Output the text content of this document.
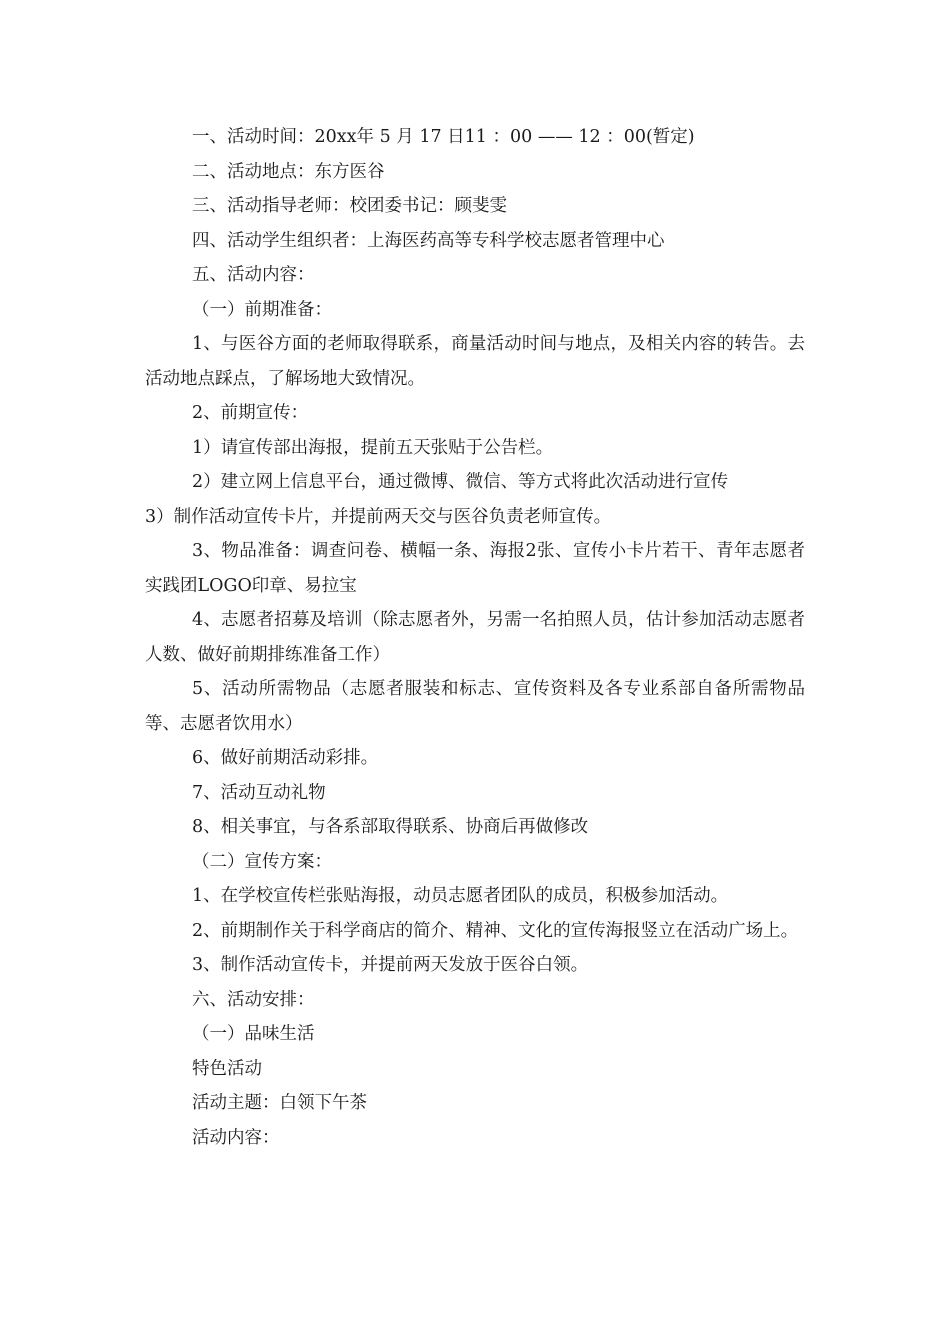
一、活动时间：20xx年 5 月 17 日11 ：00 —— 12 ：00(暂定)

二、活动地点：东方医谷

三、活动指导老师：校团委书记：顾斐雯

四、活动学生组织者：上海医药高等专科学校志愿者管理中心

五、活动内容：

（一）前期准备：

1、与医谷方面的老师取得联系，商量活动时间与地点，及相关内容的转告。去活动地点踩点，了解场地大致情况。

2、前期宣传：

1）请宣传部出海报，提前五天张贴于公告栏。

2）建立网上信息平台，通过微博、微信、等方式将此次活动进行宣传

3）制作活动宣传卡片，并提前两天交与医谷负责老师宣传。

3、物品准备：调查问卷、横幅一条、海报2张、宣传小卡片若干、青年志愿者实践团LOGO印章、易拉宝

4、志愿者招募及培训（除志愿者外，另需一名拍照人员，估计参加活动志愿者 人数、做好前期排练准备工作）

5、活动所需物品（志愿者服装和标志、宣传资料及各专业系部自备所需物品等、志愿者饮用水）

6、做好前期活动彩排。

7、活动互动礼物

8、相关事宜，与各系部取得联系、协商后再做修改

（二）宣传方案：

1、在学校宣传栏张贴海报，动员志愿者团队的成员，积极参加活动。

2、前期制作关于科学商店的简介、精神、文化的宣传海报竖立在活动广场上。

3、制作活动宣传卡，并提前两天发放于医谷白领。

六、活动安排：

（一）品味生活

特色活动

活动主题：白领下午茶

活动内容：
